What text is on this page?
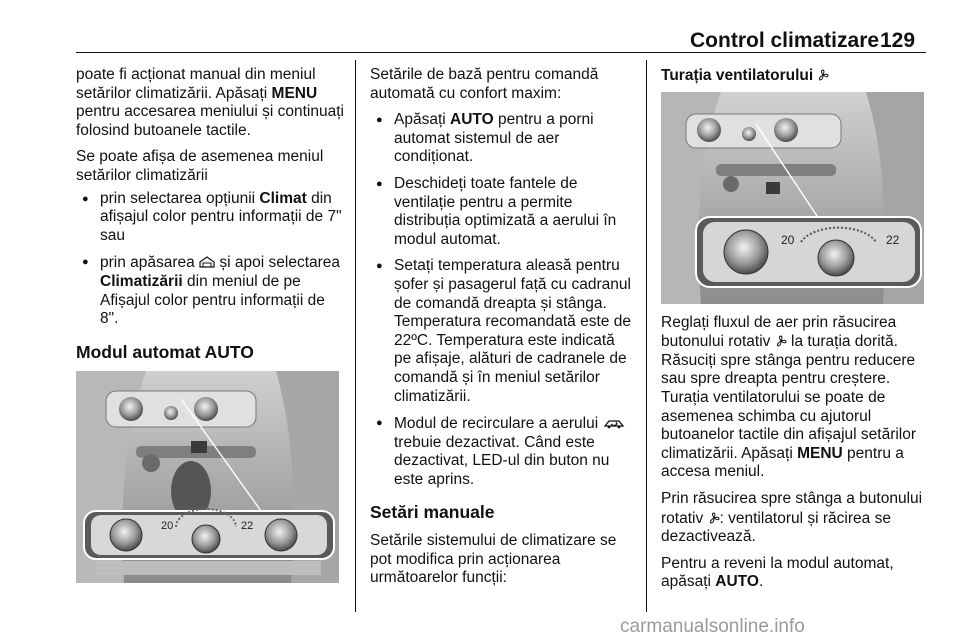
Control climatizare 129

poate fi acționat manual din meniul setărilor climatizării. Apăsați MENU pentru accesarea meniului și continuați folosind butoanele tactile.

Se poate afișa de asemenea meniul setărilor climatizării

● prin selectarea opțiunii Climat din afișajul color pentru informații de 7" sau
● prin apăsarea  și apoi selectarea Climatizării din meniul de pe Afișajul color pentru informații de 8".
Modul automat AUTO
20	22

Setările de bază pentru comandă automată cu confort maxim:

● Apăsați AUTO pentru a porni automat sistemul de aer condiționat.
● Deschideți toate fantele de ventilație pentru a permite distribuția optimizată a aerului în modul automat.
● Setați temperatura aleasă pentru șofer și pasagerul față cu cadranul de comandă dreapta și stânga. Temperatura recomandată este de 22ºC. Temperatura este indicată pe afișaje, alături de cadranele de comandă și în meniul setărilor climatizării.
● Modul de recirculare a aerului  trebuie dezactivat. Când este dezactivat, LED-ul din buton nu este aprins.
Setări manuale

Setările sistemului de climatizare se pot modifica prin acționarea următoarelor funcții:

Turația ventilatorului
20	22

Reglați fluxul de aer prin răsucirea butonului rotativ  la turația dorită. Răsuciți spre stânga pentru reducere sau spre dreapta pentru creștere. Turația ventilatorului se poate de asemenea schimba cu ajutorul butoanelor tactile din afișajul setărilor climatizării. Apăsați MENU pentru a accesa meniul.

Prin răsucirea spre stânga a butonului rotativ : ventilatorul și răcirea se dezactivează.

Pentru a reveni la modul automat, apăsați AUTO.

carmanualsonline.info
